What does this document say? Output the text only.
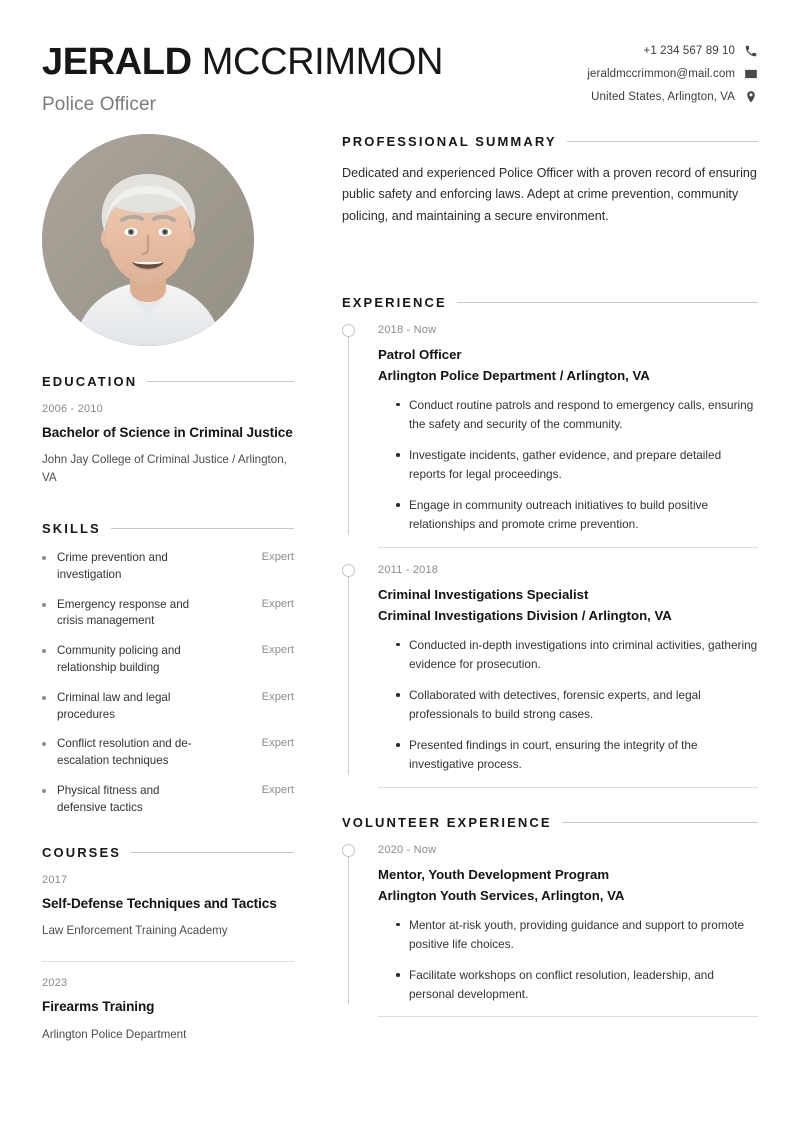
JERALD MCCRIMMON
Police Officer
+1 234 567 89 10
jeraldmccrimmon@mail.com
United States, Arlington, VA
EDUCATION
2006 - 2010
Bachelor of Science in Criminal Justice
John Jay College of Criminal Justice / Arlington, VA
SKILLS
Crime prevention and investigation
Expert
Emergency response and crisis management
Expert
Community policing and relationship building
Expert
Criminal law and legal procedures
Expert
Conflict resolution and de-escalation techniques
Expert
Physical fitness and defensive tactics
Expert
COURSES
2017
Self-Defense Techniques and Tactics
Law Enforcement Training Academy
2023
Firearms Training
Arlington Police Department
PROFESSIONAL SUMMARY
Dedicated and experienced Police Officer with a proven record of ensuring public safety and enforcing laws. Adept at crime prevention, community policing, and maintaining a secure environment.
EXPERIENCE
2018 - Now
Patrol Officer
Arlington Police Department / Arlington, VA
Conduct routine patrols and respond to emergency calls, ensuring the safety and security of the community.
Investigate incidents, gather evidence, and prepare detailed reports for legal proceedings.
Engage in community outreach initiatives to build positive relationships and promote crime prevention.
2011 - 2018
Criminal Investigations Specialist
Criminal Investigations Division / Arlington, VA
Conducted in-depth investigations into criminal activities, gathering evidence for prosecution.
Collaborated with detectives, forensic experts, and legal professionals to build strong cases.
Presented findings in court, ensuring the integrity of the investigative process.
VOLUNTEER EXPERIENCE
2020 - Now
Mentor, Youth Development Program
Arlington Youth Services, Arlington, VA
Mentor at-risk youth, providing guidance and support to promote positive life choices.
Facilitate workshops on conflict resolution, leadership, and personal development.
